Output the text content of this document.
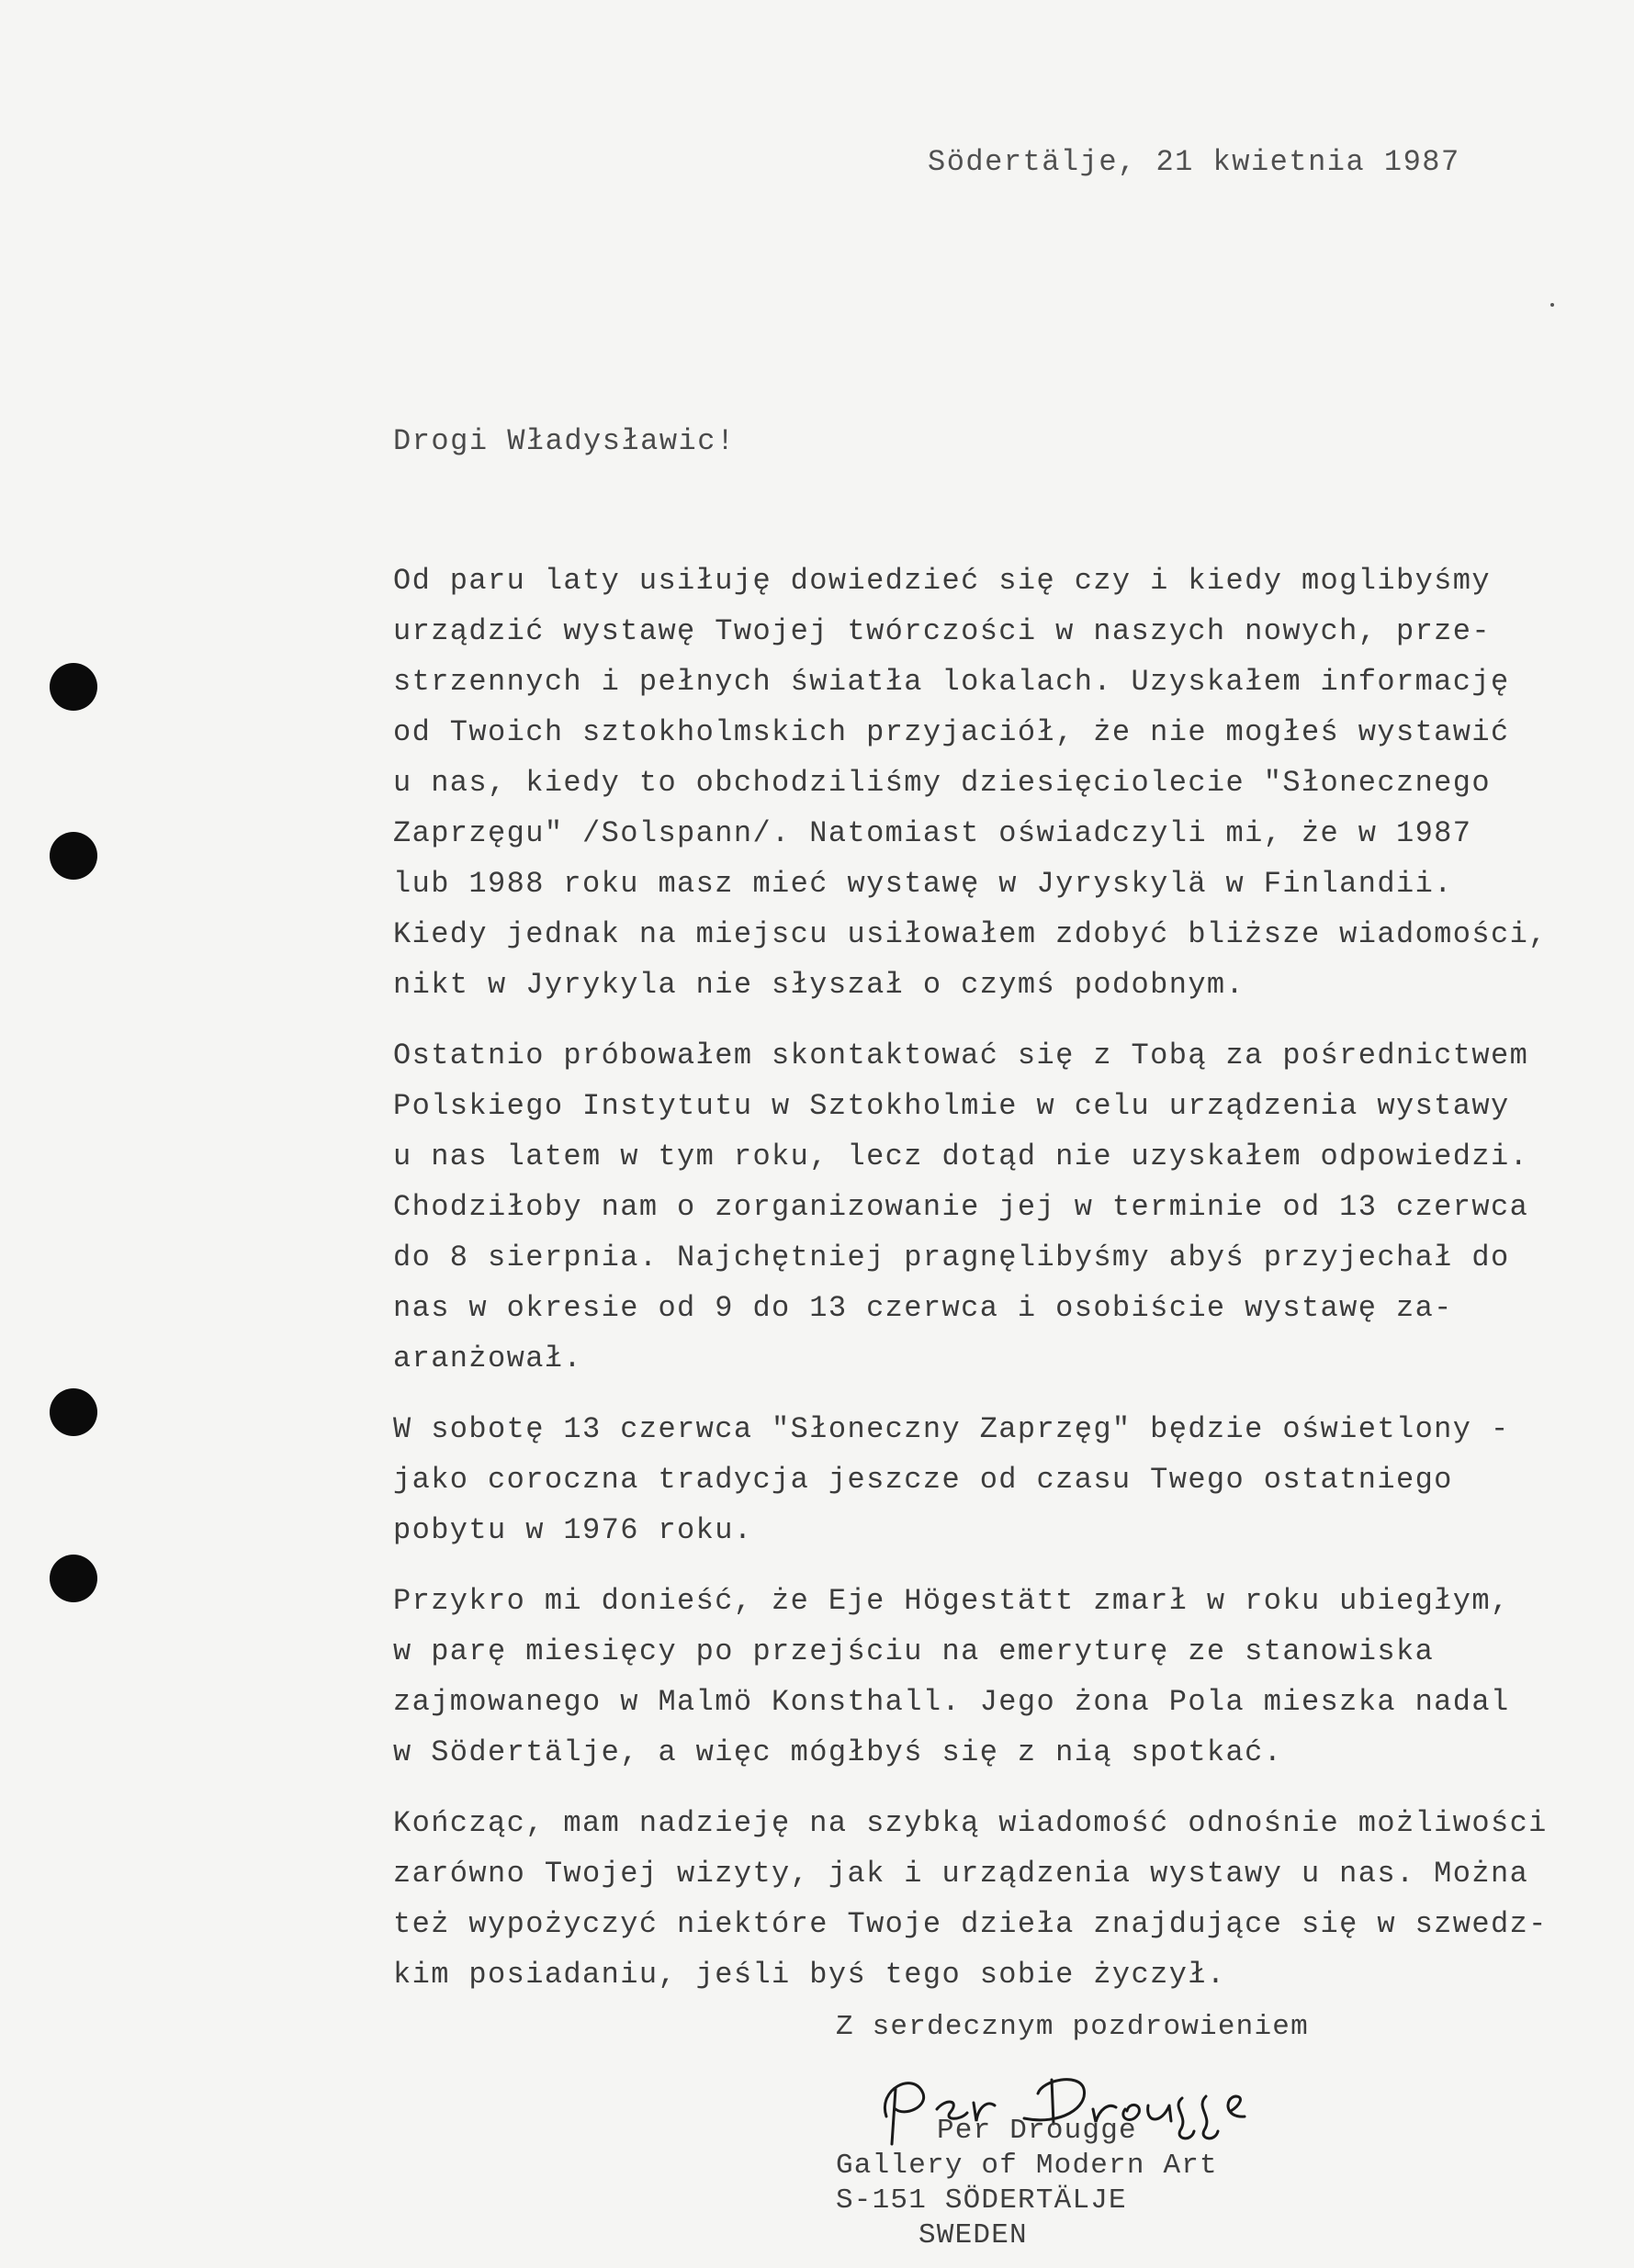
Södertälje, 21 kwietnia 1987
Drogi Władysławic!
Od paru laty usiłuję dowiedzieć się czy i kiedy moglibyśmy
urządzić wystawę Twojej twórczości w naszych nowych, prze-
strzennych i pełnych światła lokalach. Uzyskałem informację
od Twoich sztokholmskich przyjaciół, że nie mogłeś wystawić
u nas, kiedy to obchodziliśmy dziesięciolecie "Słonecznego
Zaprzęgu" /Solspann/. Natomiast oświadczyli mi, że w 1987
lub 1988 roku masz mieć wystawę w Jyryskylä w Finlandii.
Kiedy jednak na miejscu usiłowałem zdobyć bliższe wiadomości,
nikt w Jyrykyla nie słyszał o czymś podobnym.
Ostatnio próbowałem skontaktować się z Tobą za pośrednictwem
Polskiego Instytutu w Sztokholmie w celu urządzenia wystawy
u nas latem w tym roku, lecz dotąd nie uzyskałem odpowiedzi.
Chodziłoby nam o zorganizowanie jej w terminie od 13 czerwca
do 8 sierpnia. Najchętniej pragnęlibyśmy abyś przyjechał do
nas w okresie od 9 do 13 czerwca i osobiście wystawę za-
aranżował.
W sobotę 13 czerwca "Słoneczny Zaprzęg" będzie oświetlony -
jako coroczna tradycja jeszcze od czasu Twego ostatniego
pobytu w 1976 roku.
Przykro mi donieść, że Eje Högestätt zmarł w roku ubiegłym,
w parę miesięcy po przejściu na emeryturę ze stanowiska
zajmowanego w Malmö Konsthall. Jego żona Pola mieszka nadal
w Södertälje, a więc mógłbyś się z nią spotkać.
Kończąc, mam nadzieję na szybką wiadomość odnośnie możliwości
zarówno Twojej wizyty, jak i urządzenia wystawy u nas. Można
też wypożyczyć niektóre Twoje dzieła znajdujące się w szwedz-
kim posiadaniu, jeśli byś tego sobie życzył.
Z serdecznym pozdrowieniem
Per Drougge
Gallery of Modern Art
S-151 SÖDERTÄLJE
SWEDEN
